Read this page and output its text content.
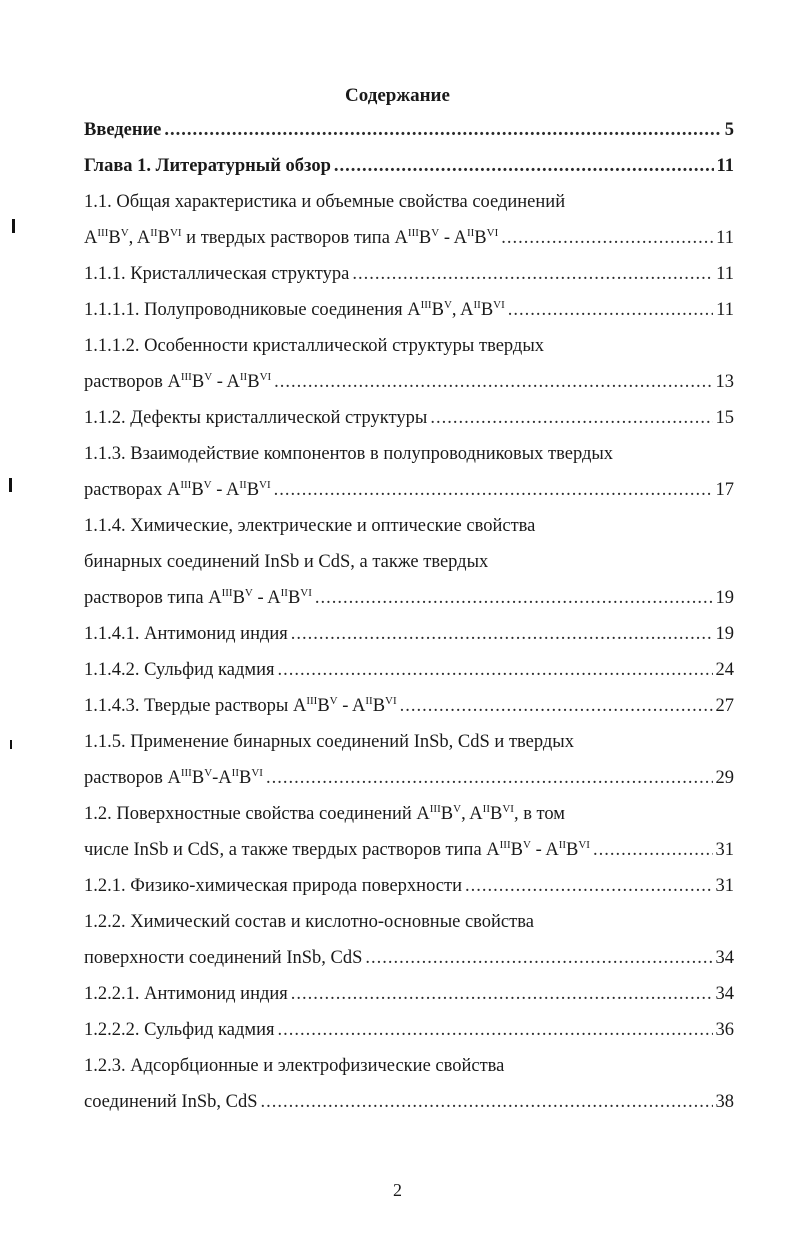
Содержание
Введение .....	5
Глава 1. Литератyрный обзор .....	11
1.1. Общая характеристика и объемные свойства соединений
$A^{III}B^V$, $A^{II}B^{VI}$ и твердых растворов типа $A^{III}B^V - A^{II}B^{VI}$ .....	11
1.1.1. Кристаллическая структура .....	11
1.1.1.1. Полупроводниковые соединения $A^{III}B^V$, $A^{II}B^{VI}$ .....	11
1.1.1.2. Особенности кристаллической структуры твердых
растворов $A^{III}B^V - A^{II}B^{VI}$ .....	13
1.1.2. Дефекты кристаллической структуры .....	15
1.1.3. Взаимодействие компонентов в полупроводниковых твердых
растворах $A^{III}B^V - A^{II}B^{VI}$ .....	17
1.1.4. Химические, электрические и оптические свойства
бинарных соединений InSb и CdS, а также твердых
растворов типа $A^{III}B^V - A^{II}B^{VI}$ .....	19
1.1.4.1. Антимонид индия .....	19
1.1.4.2. Сульфид кадмия .....	24
1.1.4.3. Твердые растворы $A^{III}B^V - A^{II}B^{VI}$ .....	27
1.1.5. Применение бинарных соединений InSb, CdS и твердых
растворов $A^{III}B^V-A^{II}B^{VI}$ .....	29
1.2. Поверхностные свойства соединений $A^{III}B^V$, $A^{II}B^{VI}$, в том
числе InSb и CdS, а также твердых растворов типа $A^{III}B^V - A^{II}B^{VI}$ .....	31
1.2.1. Физико-химическая природа поверхности .....	31
1.2.2. Химический состав и кислотно-основные свойства
поверхности соединений InSb, CdS .....	34
1.2.2.1. Антимонид индия .....	34
1.2.2.2. Сульфид кадмия .....	36
1.2.3. Адсорбционные и электрофизические свойства
соединений InSb, CdS .....	38
2
